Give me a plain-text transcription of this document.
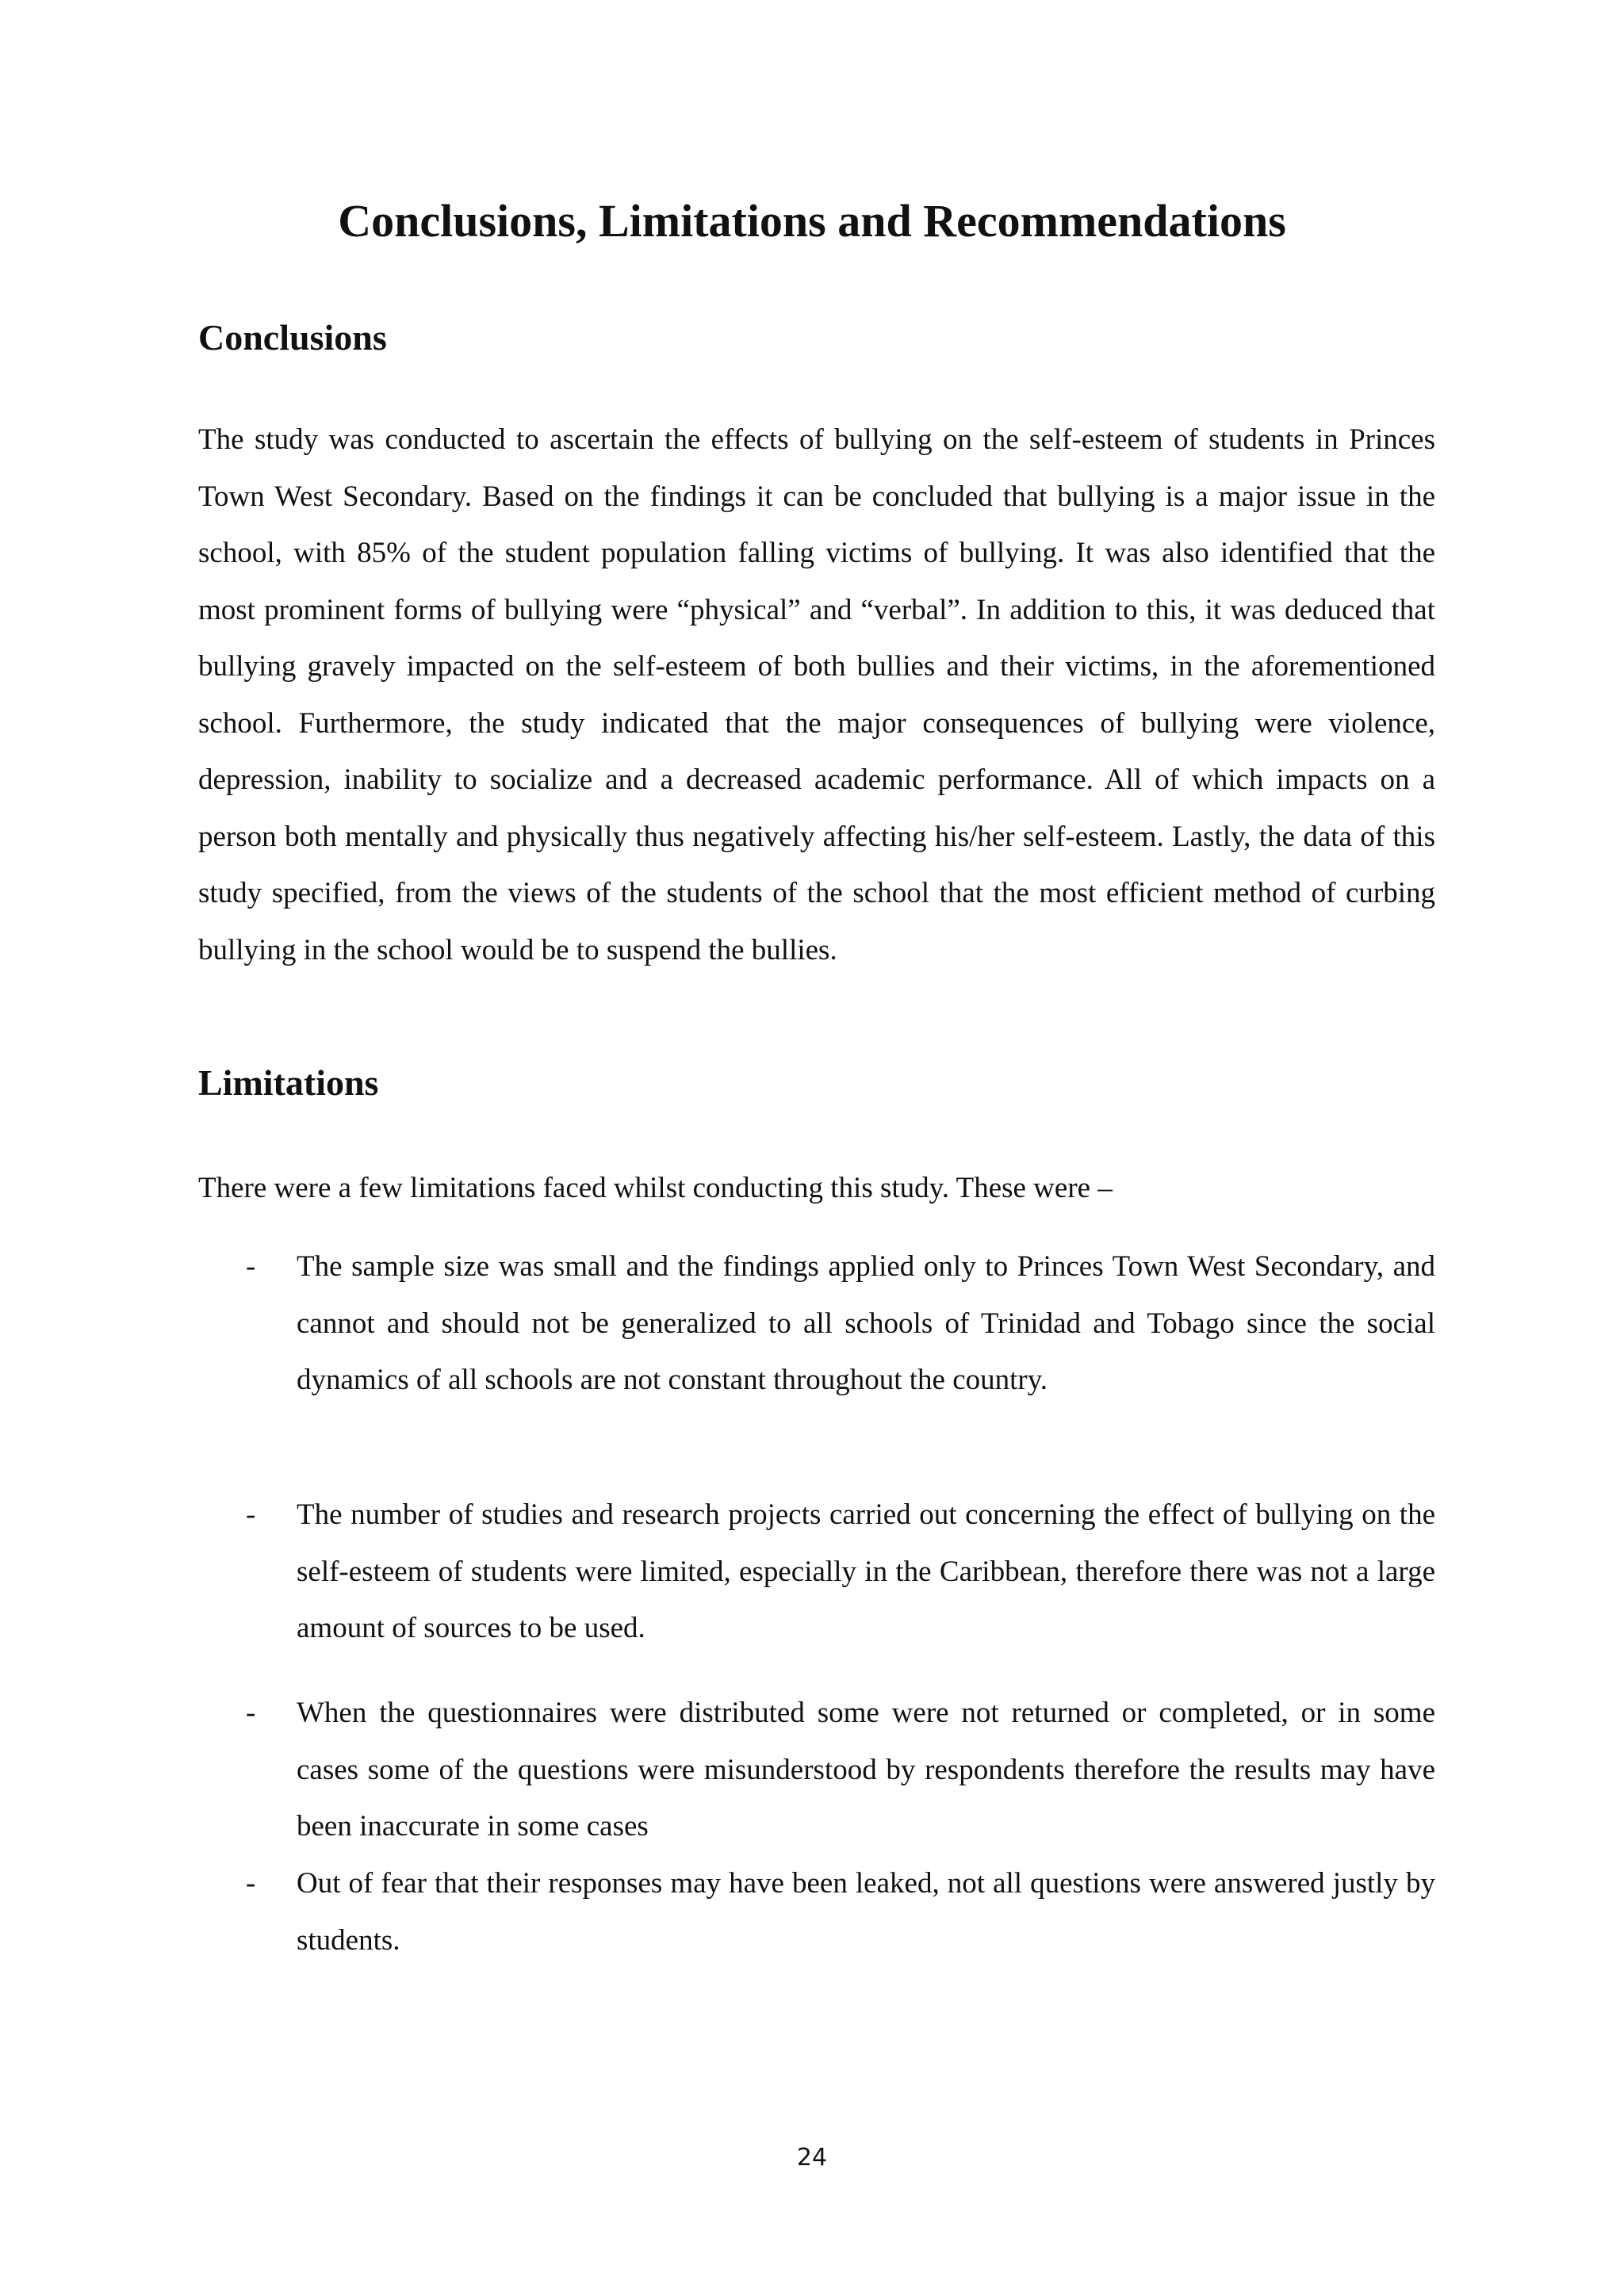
Conclusions, Limitations and Recommendations
Conclusions

The study was conducted to ascertain the effects of bullying on the self-esteem of students in Princes Town West Secondary. Based on the findings it can be concluded that bullying is a major issue in the school, with 85% of the student population falling victims of bullying. It was also identified that the most prominent forms of bullying were “physical” and “verbal”. In addition to this, it was deduced that bullying gravely impacted on the self-esteem of both bullies and their victims, in the aforementioned school. Furthermore, the study indicated that the major consequences of bullying were violence, depression, inability to socialize and a decreased academic performance. All of which impacts on a person both mentally and physically thus negatively affecting his/her self-esteem. Lastly, the data of this study specified, from the views of the students of the school that the most efficient method of curbing bullying in the school would be to suspend the bullies.

Limitations

There were a few limitations faced whilst conducting this study. These were –

- The sample size was small and the findings applied only to Princes Town West Secondary, and cannot and should not be generalized to all schools of Trinidad and Tobago since the social dynamics of all schools are not constant throughout the country.
- The number of studies and research projects carried out concerning the effect of bullying on the self-esteem of students were limited, especially in the Caribbean, therefore there was not a large amount of sources to be used.
- When the questionnaires were distributed some were not returned or completed, or in some cases some of the questions were misunderstood by respondents therefore the results may have been inaccurate in some cases
- Out of fear that their responses may have been leaked, not all questions were answered justly by students.
24
